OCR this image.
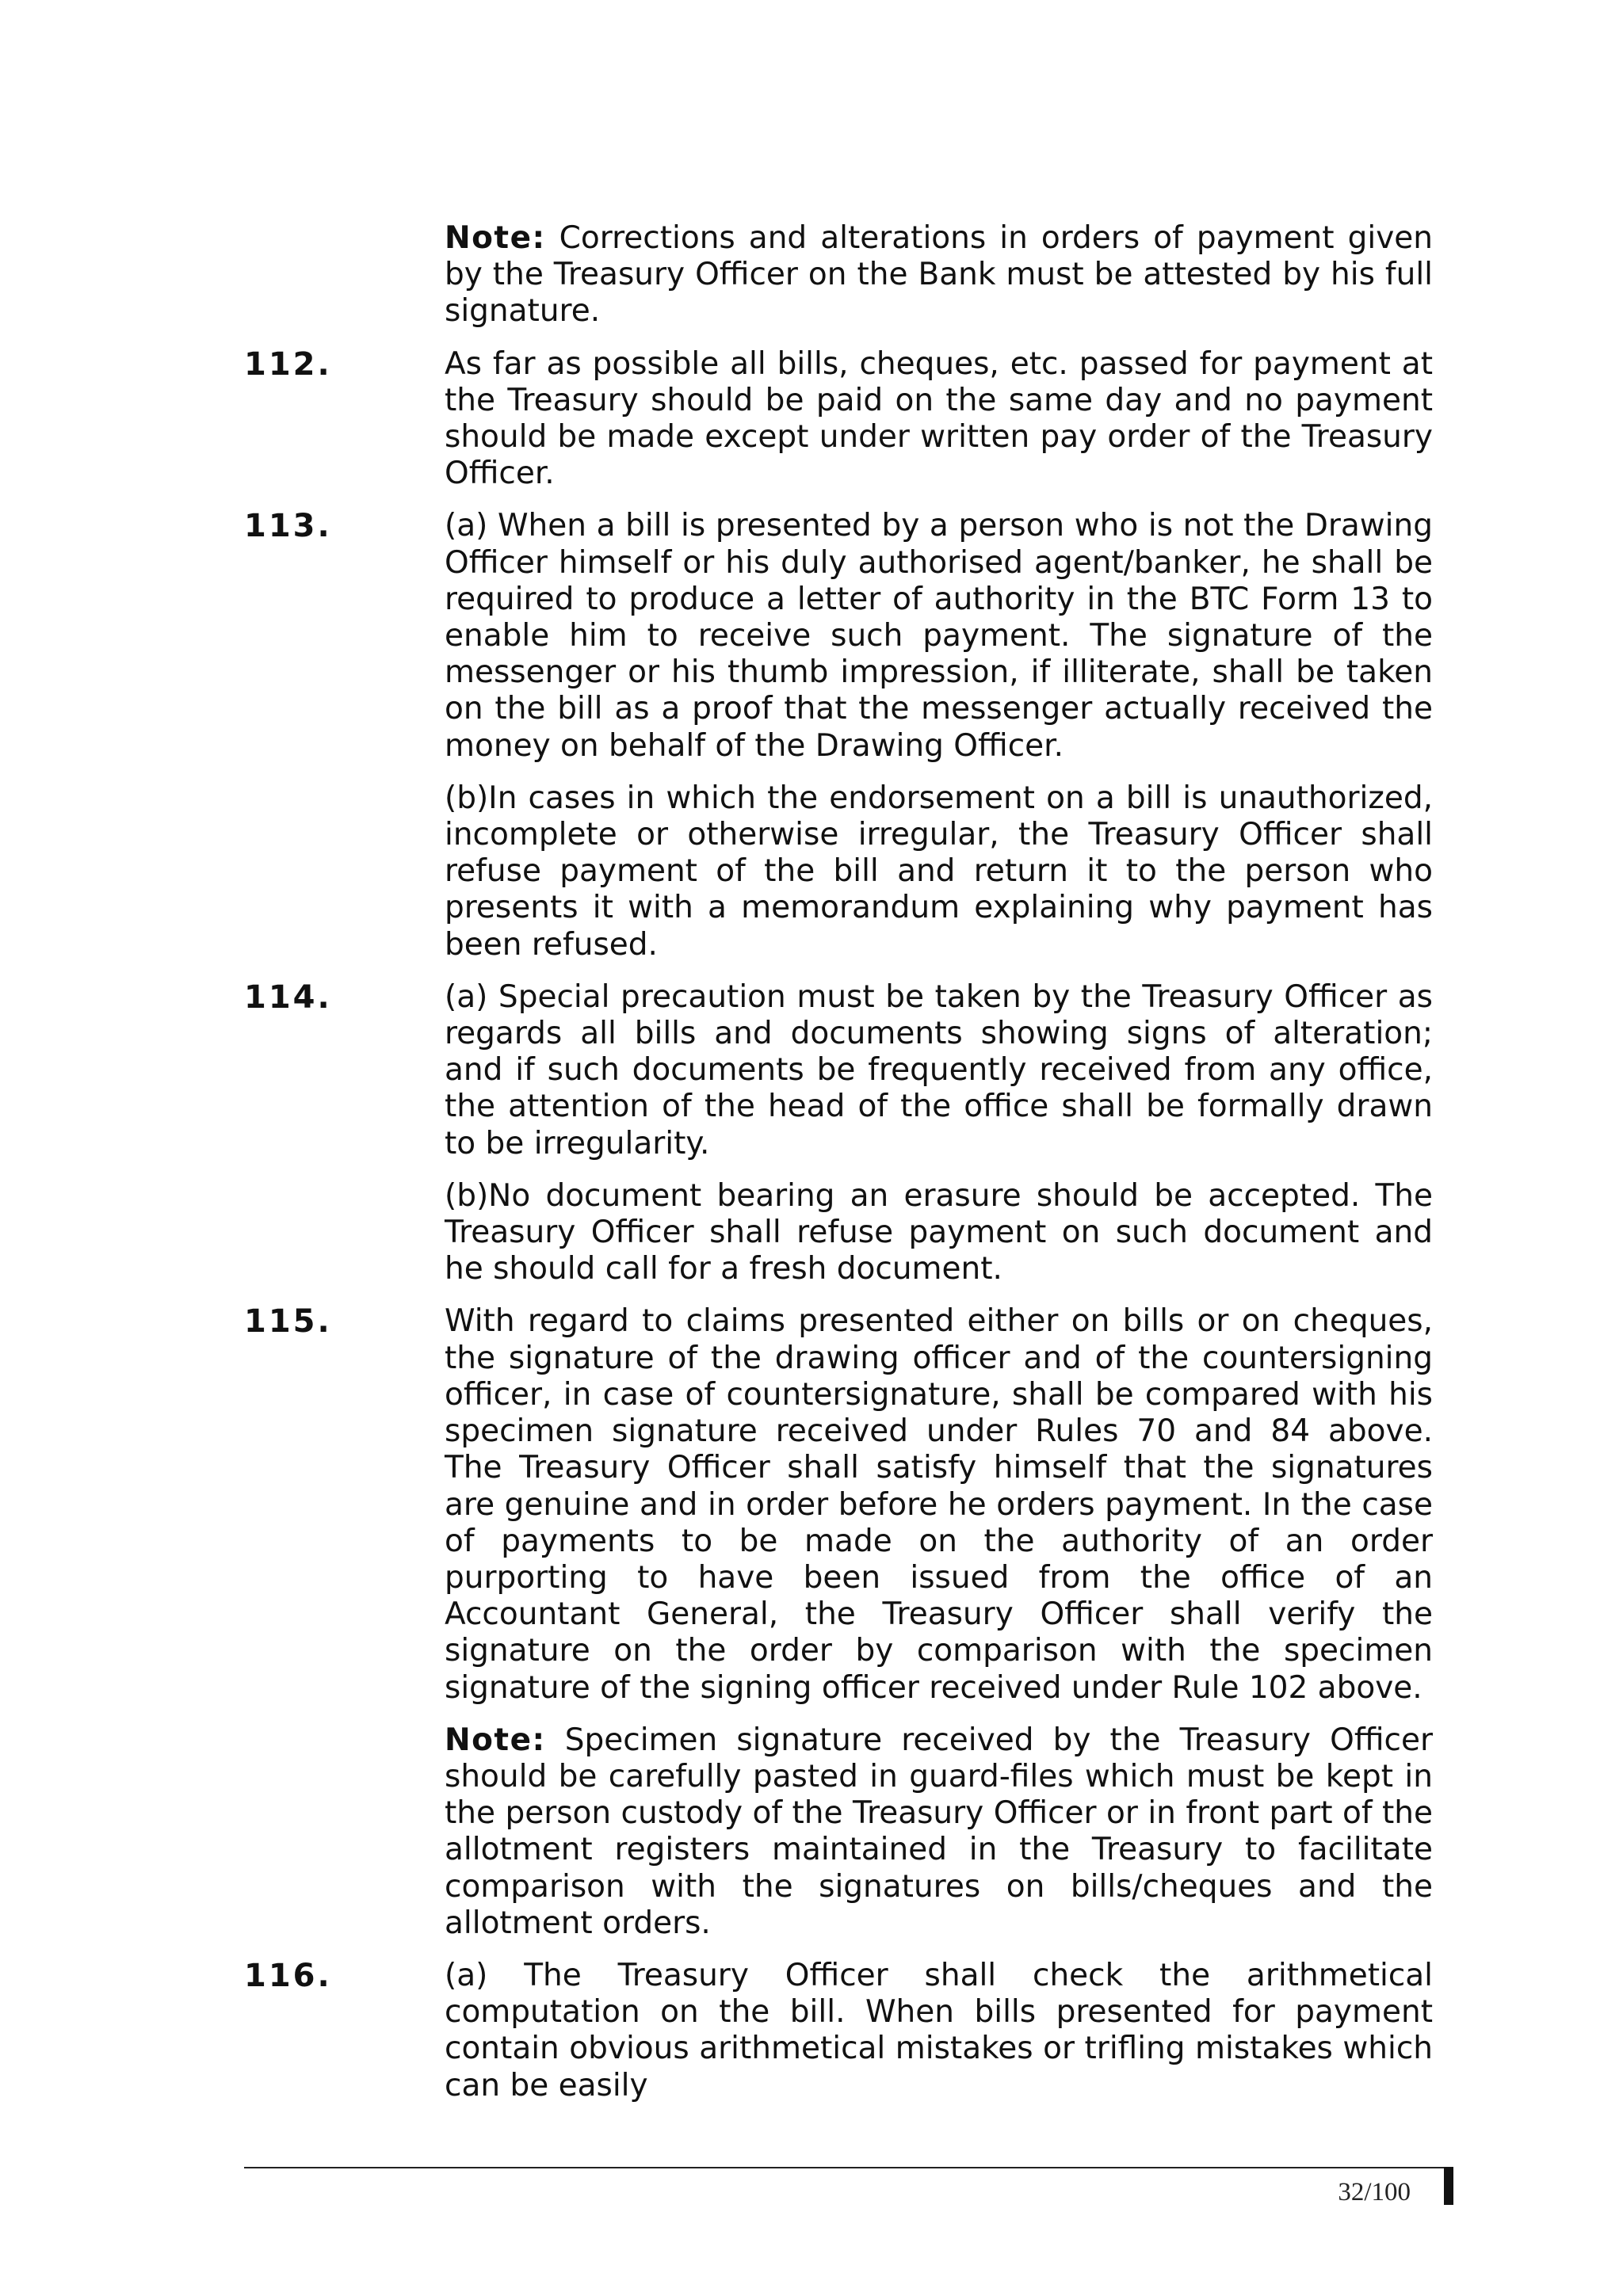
Note: Corrections and alterations in orders of payment given by the Treasury Officer on the Bank must be attested by his full signature.

112.	As far as possible all bills, cheques, etc. passed for payment at the Treasury should be paid on the same day and no payment should be made except under written pay order of the Treasury Officer.

113.	(a) When a bill is presented by a person who is not the Drawing Officer himself or his duly authorised agent/banker, he shall be required to produce a letter of authority in the BTC Form 13 to enable him to receive such payment. The signature of the messenger or his thumb impression, if illiterate, shall be taken on the bill as a proof that the messenger actually received the money on behalf of the Drawing Officer.

(b)In cases in which the endorsement on a bill is unauthorized, incomplete or otherwise irregular, the Treasury Officer shall refuse payment of the bill and return it to the person who presents it with a memorandum explaining why payment has been refused.

114.	(a) Special precaution must be taken by the Treasury Officer as regards all bills and documents showing signs of alteration; and if such documents be frequently received from any office, the attention of the head of the office shall be formally drawn to be irregularity.

(b)No document bearing an erasure should be accepted. The Treasury Officer shall refuse payment on such document and he should call for a fresh document.

115.	With regard to claims presented either on bills or on cheques, the signature of the drawing officer and of the countersigning officer, in case of countersignature, shall be compared with his specimen signature received under Rules 70 and 84 above. The Treasury Officer shall satisfy himself that the signatures are genuine and in order before he orders payment. In the case of payments to be made on the authority of an order purporting to have been issued from the office of an Accountant General, the Treasury Officer shall verify the signature on the order by comparison with the specimen signature of the signing officer received under Rule 102 above.

Note: Specimen signature received by the Treasury Officer should be carefully pasted in guard-files which must be kept in the person custody of the Treasury Officer or in front part of the allotment registers maintained in the Treasury to facilitate comparison with the signatures on bills/cheques and the allotment orders.

116.	(a) The Treasury Officer shall check the arithmetical computation on the bill. When bills presented for payment contain obvious arithmetical mistakes or trifling mistakes which can be easily

32/100
